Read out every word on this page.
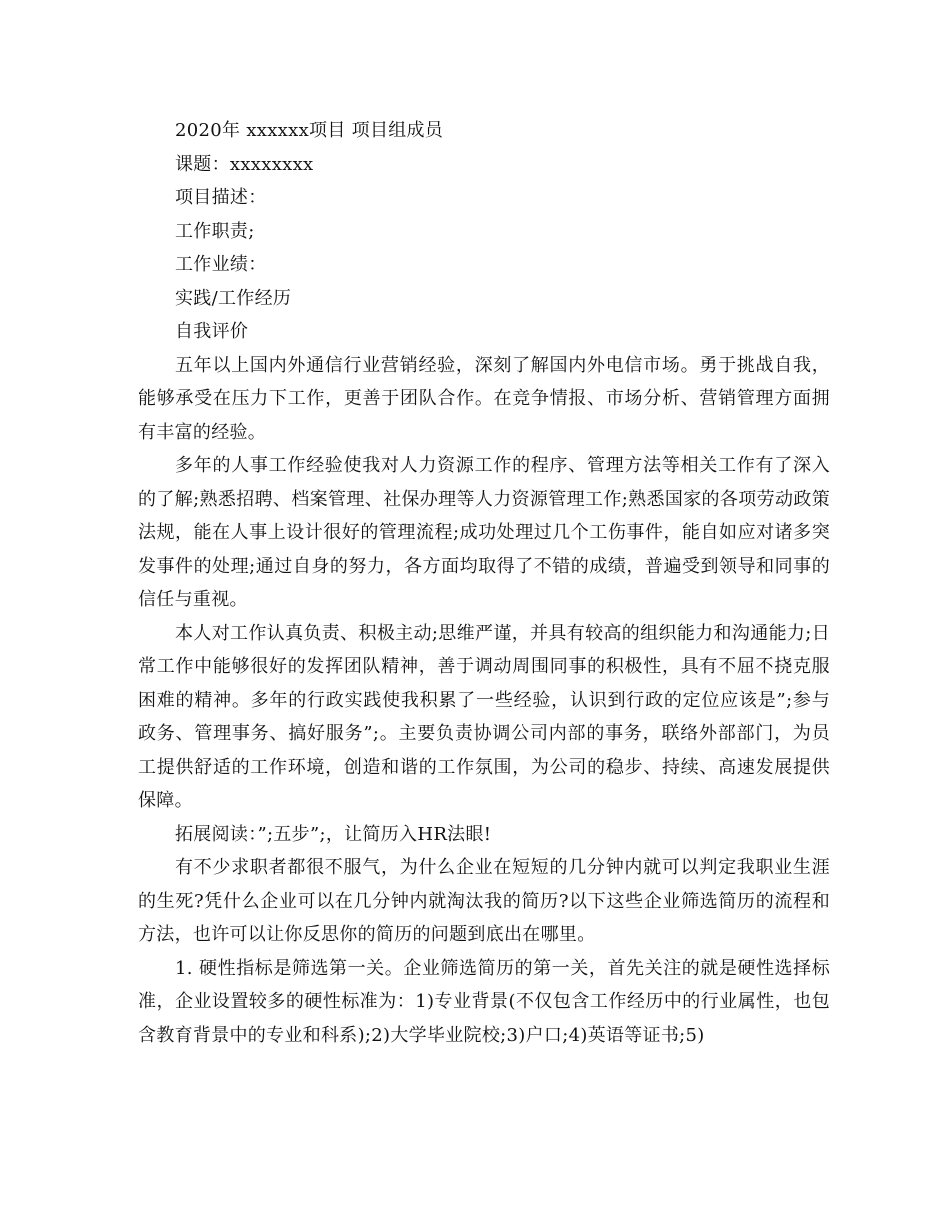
2020年 xxxxxx项目 项目组成员

课题：xxxxxxxx

项目描述：

工作职责;

工作业绩：

实践/工作经历

自我评价

五年以上国内外通信行业营销经验，深刻了解国内外电信市场。勇于挑战自我，能够承受在压力下工作，更善于团队合作。在竞争情报、市场分析、营销管理方面拥有丰富的经验。

多年的人事工作经验使我对人力资源工作的程序、管理方法等相关工作有了深入的了解;熟悉招聘、档案管理、社保办理等人力资源管理工作;熟悉国家的各项劳动政策法规，能在人事上设计很好的管理流程;成功处理过几个工伤事件，能自如应对诸多突发事件的处理;通过自身的努力，各方面均取得了不错的成绩，普遍受到领导和同事的信任与重视。

本人对工作认真负责、积极主动;思维严谨，并具有较高的组织能力和沟通能力;日常工作中能够很好的发挥团队精神，善于调动周围同事的积极性，具有不屈不挠克服困难的精神。多年的行政实践使我积累了一些经验，认识到行政的定位应该是”;参与政务、管理事务、搞好服务”;。主要负责协调公司内部的事务，联络外部部门，为员工提供舒适的工作环境，创造和谐的工作氛围，为公司的稳步、持续、高速发展提供保障。

拓展阅读：”;五步”;，让简历入HR法眼!

有不少求职者都很不服气，为什么企业在短短的几分钟内就可以判定我职业生涯的生死?凭什么企业可以在几分钟内就淘汰我的简历?以下这些企业筛选简历的流程和方法，也许可以让你反思你的简历的问题到底出在哪里。

1. 硬性指标是筛选第一关。企业筛选简历的第一关，首先关注的就是硬性选择标准，企业设置较多的硬性标准为：1)专业背景(不仅包含工作经历中的行业属性，也包含教育背景中的专业和科系);2)大学毕业院校;3)户口;4)英语等证书;5)
